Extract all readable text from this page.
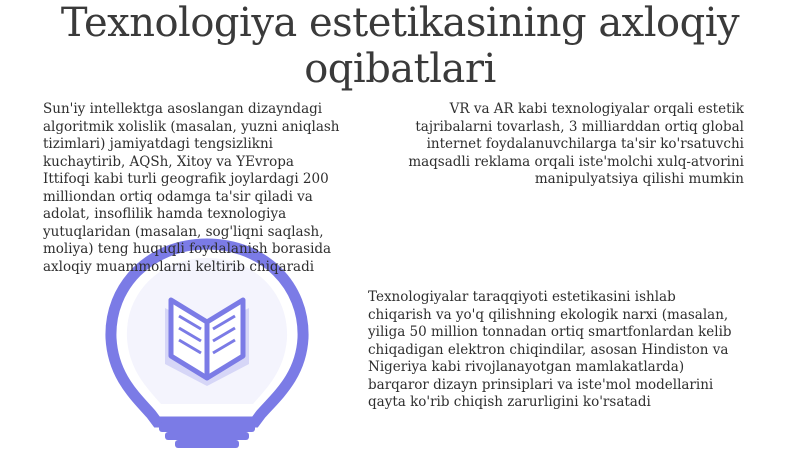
Texnologiya estetikasining axloqiy oqibatlari

Sun'iy intellektga asoslangan dizayndagi algoritmik xolislik (masalan, yuzni aniqlash tizimlari) jamiyatdagi tengsizlikni kuchaytirib, AQSh, Xitoy va YEvropa Ittifoqi kabi turli geografik joylardagi 200 milliondan ortiq odamga ta'sir qiladi va adolat, insoflilik hamda texnologiya yutuqlaridan (masalan, sog'liqni saqlash, moliya) teng huquqli foydalanish borasida axloqiy muammolarni keltirib chiqaradi

VR va AR kabi texnologiyalar orqali estetik tajribalarni tovarlash, 3 milliarddan ortiq global internet foydalanuvchilarga ta'sir ko'rsatuvchi maqsadli reklama orqali iste'molchi xulq-atvorini manipulyatsiya qilishi mumkin

Texnologiyalar taraqqiyoti estetikasini ishlab chiqarish va yo'q qilishning ekologik narxi (masalan, yiliga 50 million tonnadan ortiq smartfonlardan kelib chiqadigan elektron chiqindilar, asosan Hindiston va Nigeriya kabi rivojlanayotgan mamlakatlarda) barqaror dizayn prinsiplari va iste'mol modellarini qayta ko'rib chiqish zarurligini ko'rsatadi
